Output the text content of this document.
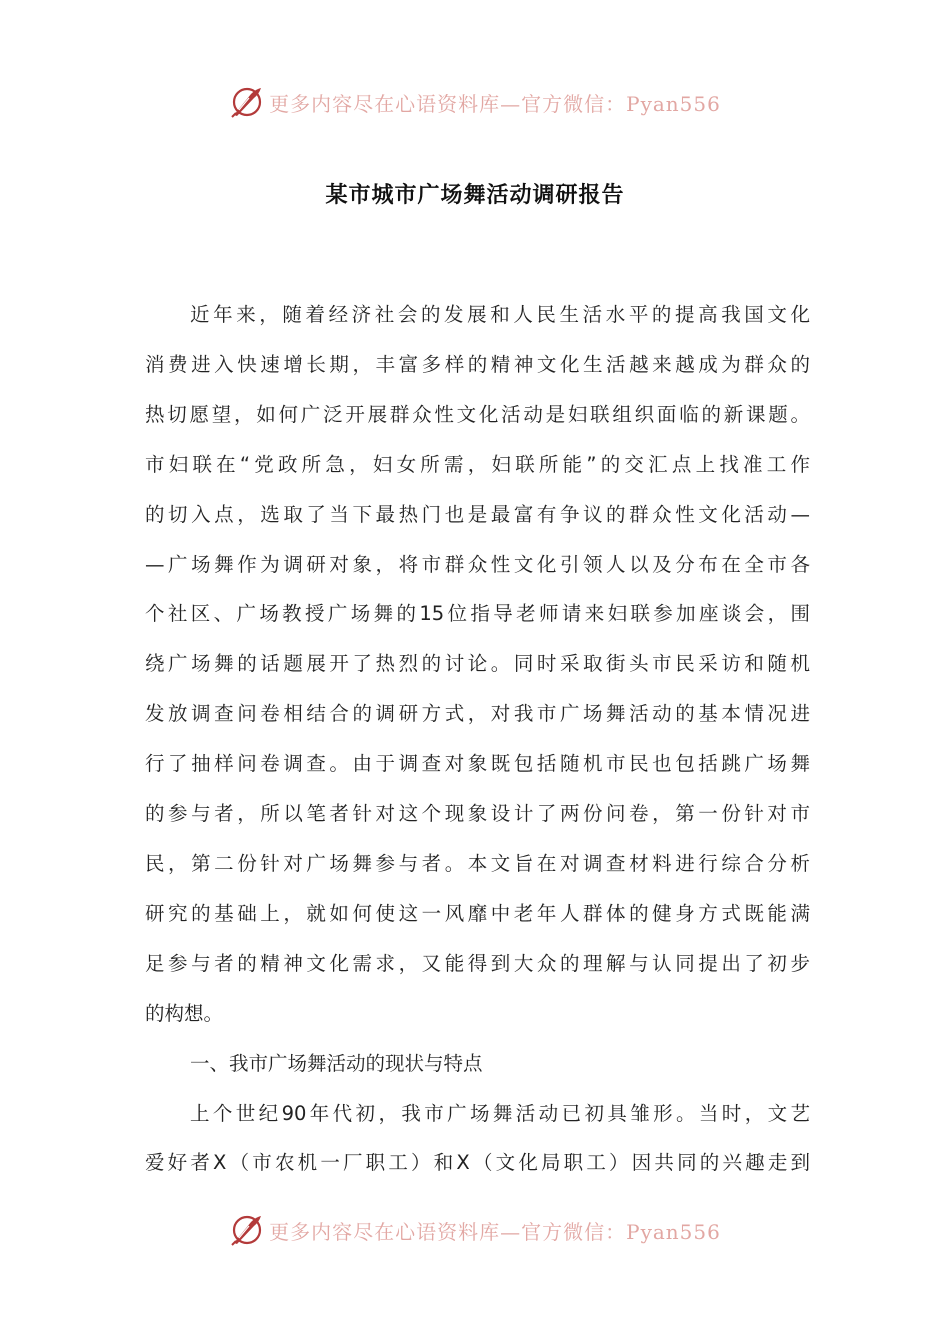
更多内容尽在心语资料库—官方微信：Pyan556
某市城市广场舞活动调研报告

近年来，随着经济社会的发展和人民生活水平的提高我国文化
消费进入快速增长期，丰富多样的精神文化生活越来越成为群众的
热切愿望，如何广泛开展群众性文化活动是妇联组织面临的新课题。
市妇联在“党政所急，妇女所需，妇联所能”的交汇点上找准工作
的切入点，选取了当下最热门也是最富有争议的群众性文化活动—
—广场舞作为调研对象，将市群众性文化引领人以及分布在全市各
个社区、广场教授广场舞的15位指导老师请来妇联参加座谈会，围
绕广场舞的话题展开了热烈的讨论。同时采取街头市民采访和随机
发放调查问卷相结合的调研方式，对我市广场舞活动的基本情况进
行了抽样问卷调查。由于调查对象既包括随机市民也包括跳广场舞
的参与者，所以笔者针对这个现象设计了两份问卷，第一份针对市
民，第二份针对广场舞参与者。本文旨在对调查材料进行综合分析
研究的基础上，就如何使这一风靡中老年人群体的健身方式既能满
足参与者的精神文化需求，又能得到大众的理解与认同提出了初步
的构想。

一、我市广场舞活动的现状与特点

上个世纪90年代初，我市广场舞活动已初具雏形。当时，文艺
爱好者X（市农机一厂职工）和X（文化局职工）因共同的兴趣走到

更多内容尽在心语资料库—官方微信：Pyan556
